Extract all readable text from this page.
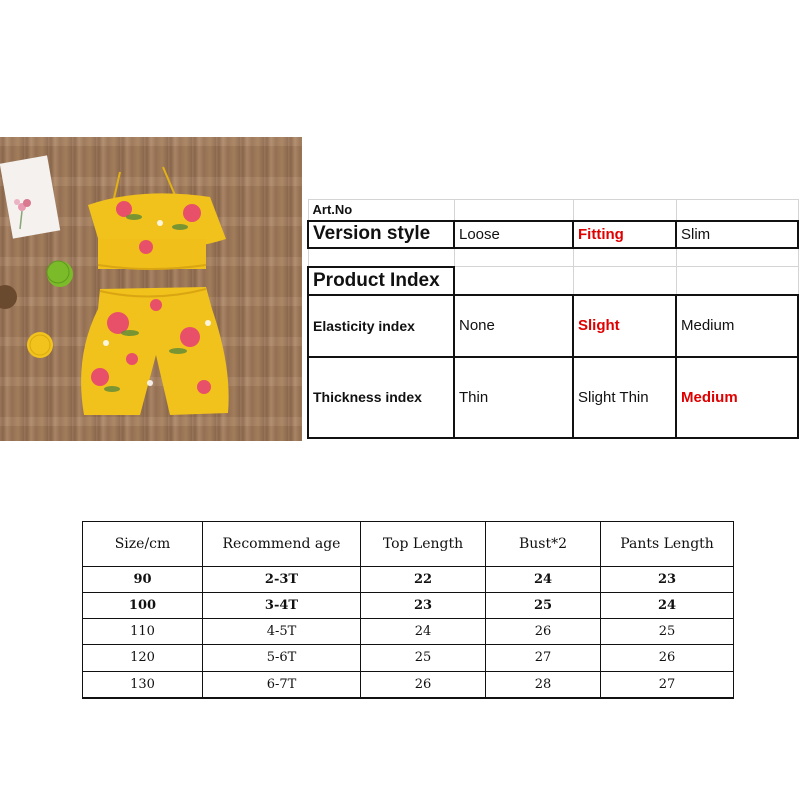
Art.No			
Version style	Loose	Fitting	Slim

Product Index			
Elasticity index	None	Slight	Medium
Thickness index	Thin	Slight Thin	Medium
Size/cm	Recommend age	Top Length	Bust*2	Pants Length
90	2-3T	22	24	23
100	3-4T	23	25	24
110	4-5T	24	26	25
120	5-6T	25	27	26
130	6-7T	26	28	27
